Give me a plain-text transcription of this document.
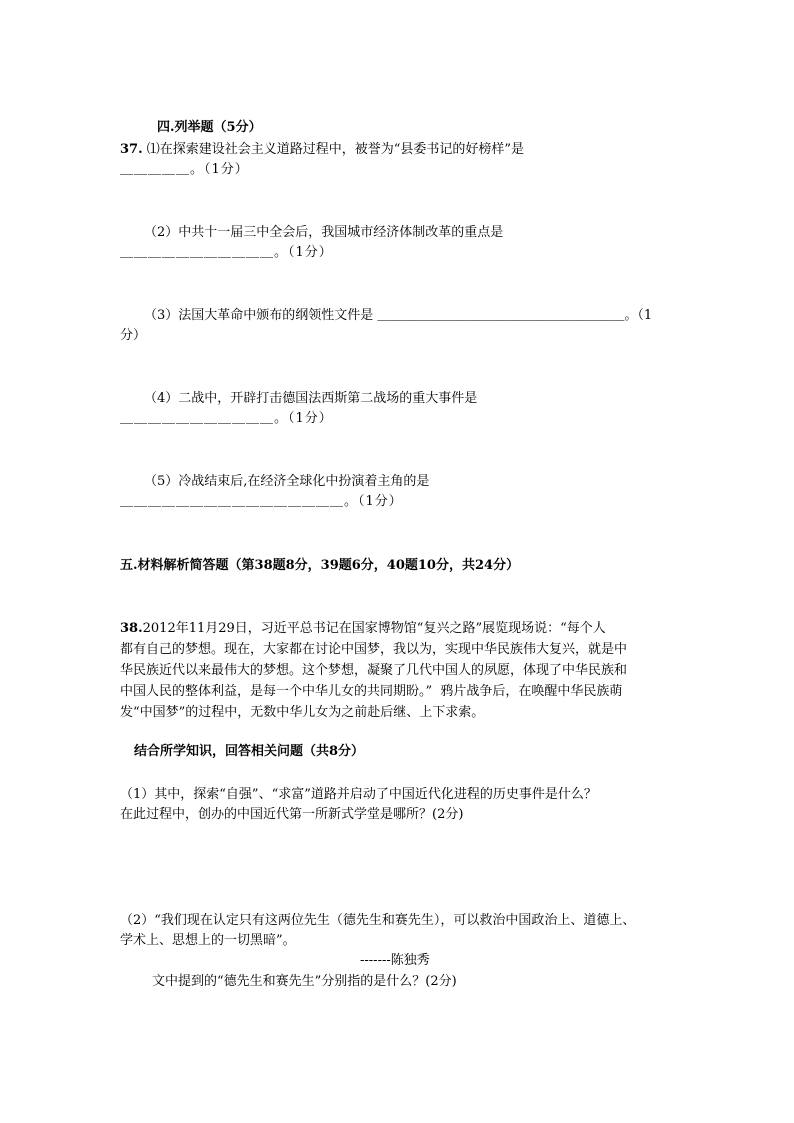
四.列举题（5分）
37. ⑴在探索建设社会主义道路过程中，被誉为“县委书记的好榜样”是
＿＿＿＿＿。（1分）
（2）中共十一届三中全会后，我国城市经济体制改革的重点是
＿＿＿＿＿＿＿＿＿＿＿。（1分）
（3）法国大革命中颁布的纲领性文件是 ＿＿＿＿＿＿＿＿＿＿＿＿＿＿＿＿＿＿＿。（1
分）
（4）二战中，开辟打击德国法西斯第二战场的重大事件是
＿＿＿＿＿＿＿＿＿＿＿。（1分）
（5）冷战结束后,在经济全球化中扮演着主角的是
＿＿＿＿＿＿＿＿＿＿＿＿＿＿＿＿。（1分）
五.材料解析简答题（第38题8分，39题6分，40题10分，共24分）
38.2012年11月29日，习近平总书记在国家博物馆“复兴之路”展览现场说：“每个人
都有自己的梦想。现在，大家都在讨论中国梦，我以为，实现中华民族伟大复兴，就是中
华民族近代以来最伟大的梦想。这个梦想，凝聚了几代中国人的夙愿，体现了中华民族和
中国人民的整体利益，是每一个中华儿女的共同期盼。”  鸦片战争后，在唤醒中华民族萌
发“中国梦”的过程中，无数中华儿女为之前赴后继、上下求索。
结合所学知识，回答相关问题（共8分）
（1）其中，探索“自强”、“求富”道路并启动了中国近代化进程的历史事件是什么？
在此过程中，创办的中国近代第一所新式学堂是哪所？(2分)
（2）“我们现在认定只有这两位先生（德先生和赛先生），可以救治中国政治上、道德上、
学术上、思想上的一切黑暗”。
-------陈独秀
文中提到的“德先生和赛先生”分别指的是什么？(2分)
